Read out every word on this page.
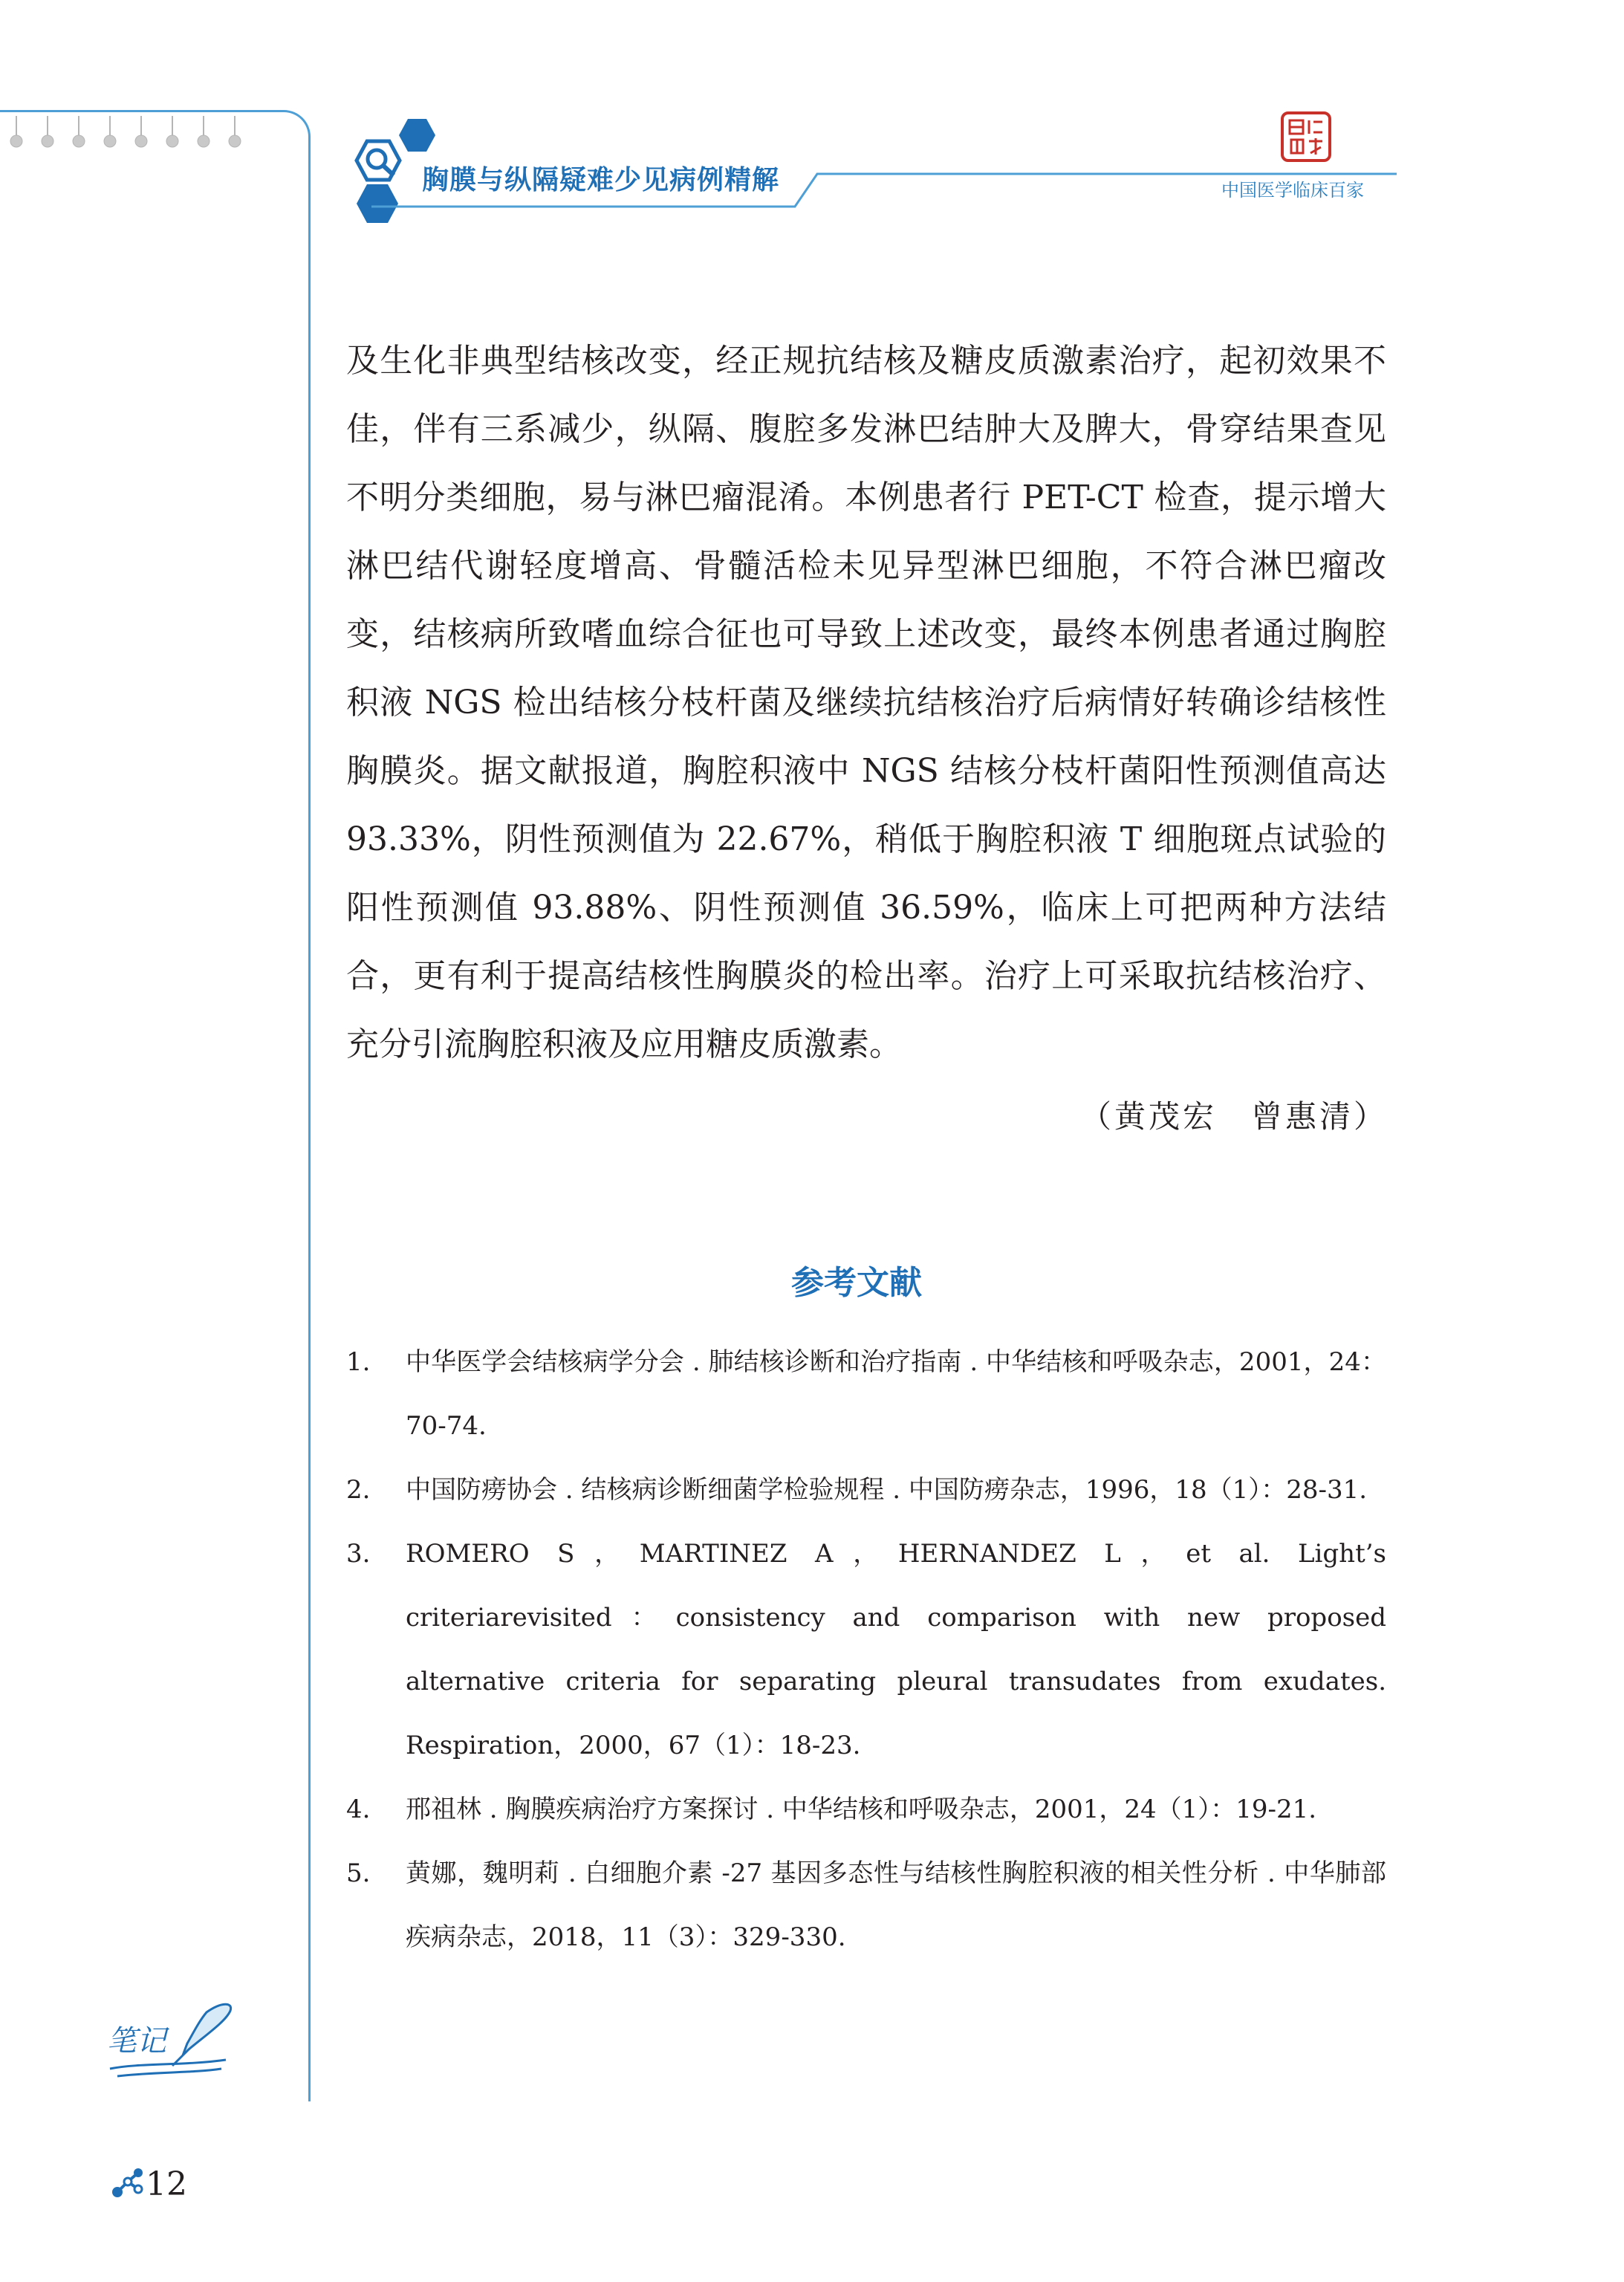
胸膜与纵隔疑难少见病例精解	中国医学临床百家
及生化非典型结核改变，经正规抗结核及糖皮质激素治疗，起初效果不佳，伴有三系减少，纵隔、腹腔多发淋巴结肿大及脾大，骨穿结果查见不明分类细胞，易与淋巴瘤混淆。本例患者行 PET-CT 检查，提示增大淋巴结代谢轻度增高、骨髓活检未见异型淋巴细胞，不符合淋巴瘤改变，结核病所致嗜血综合征也可导致上述改变，最终本例患者通过胸腔积液 NGS 检出结核分枝杆菌及继续抗结核治疗后病情好转确诊结核性胸膜炎。据文献报道，胸腔积液中 NGS 结核分枝杆菌阳性预测值高达 93.33%，阴性预测值为 22.67%，稍低于胸腔积液 T 细胞斑点试验的阳性预测值 93.88%、阴性预测值 36.59%，临床上可把两种方法结合，更有利于提高结核性胸膜炎的检出率。治疗上可采取抗结核治疗、充分引流胸腔积液及应用糖皮质激素。
（黄茂宏　曾惠清）
参考文献
1. 中华医学会结核病学分会 . 肺结核诊断和治疗指南 . 中华结核和呼吸杂志，2001，24：70-74.
2. 中国防痨协会 . 结核病诊断细菌学检验规程 . 中国防痨杂志，1996，18（1）：28-31.
3. ROMERO S，MARTINEZ A，HERNANDEZ L，et al. Light’s criteriarevisited：consistency and comparison with new proposed alternative criteria for separating pleural transudates from exudates. Respiration，2000，67（1）：18-23.
4. 邢祖林 . 胸膜疾病治疗方案探讨 . 中华结核和呼吸杂志，2001，24（1）：19-21.
5. 黄娜，魏明莉 . 白细胞介素 -27 基因多态性与结核性胸腔积液的相关性分析 . 中华肺部疾病杂志，2018，11（3）：329-330.
笔记
12
